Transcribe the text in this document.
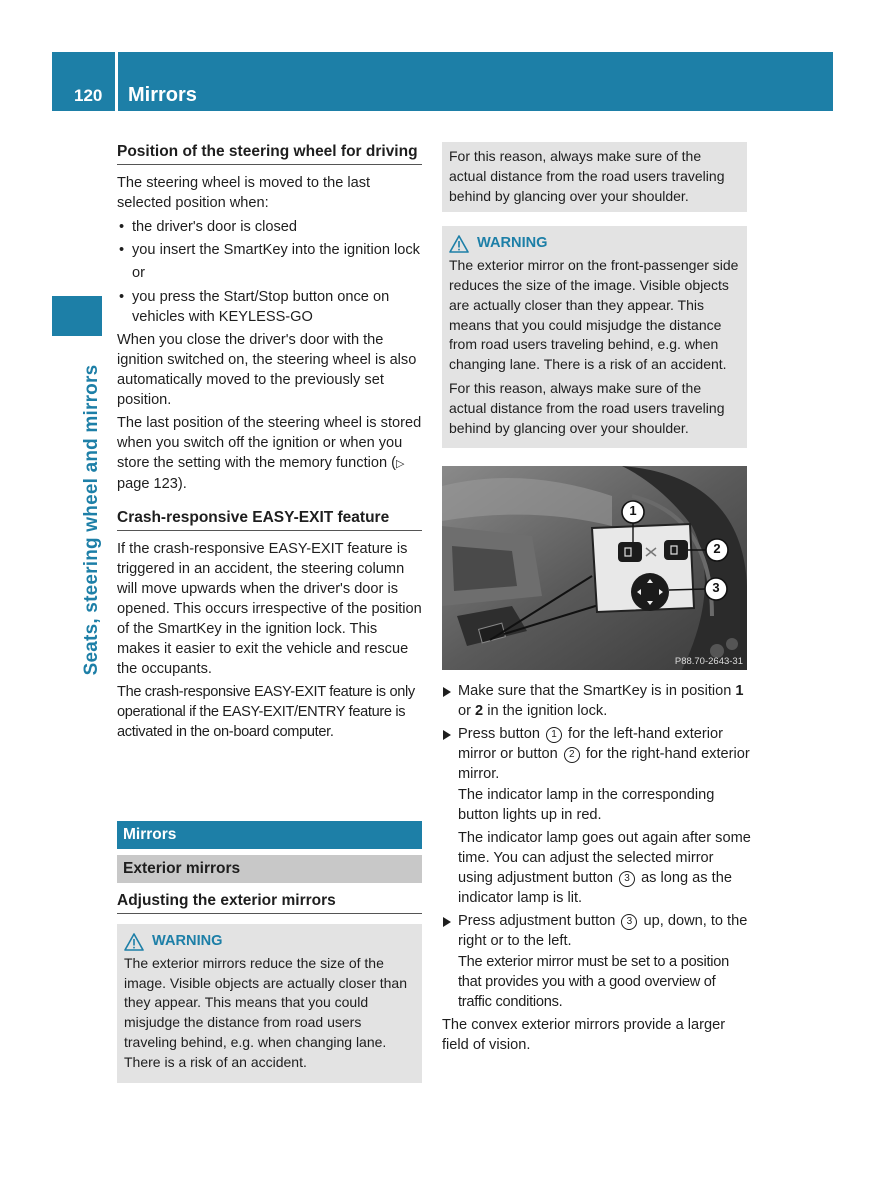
120	Mirrors
Seats, steering wheel and mirrors
Position of the steering wheel for driving

The steering wheel is moved to the last selected position when:

• the driver's door is closed
• you insert the SmartKey into the ignition lock
or
• you press the Start/Stop button once on vehicles with KEYLESS-GO

When you close the driver's door with the ignition switched on, the steering wheel is also automatically moved to the previously set position.

The last position of the steering wheel is stored when you switch off the ignition or when you store the setting with the memory function (▷ page 123).

Crash-responsive EASY-EXIT feature

If the crash-responsive EASY-EXIT feature is triggered in an accident, the steering column will move upwards when the driver's door is opened. This occurs irrespective of the position of the SmartKey in the ignition lock. This makes it easier to exit the vehicle and rescue the occupants.

The crash-responsive EASY-EXIT feature is only operational if the EASY-EXIT/ENTRY feature is activated in the on-board computer.

Mirrors
Exterior mirrors
Adjusting the exterior mirrors
WARNING

The exterior mirrors reduce the size of the image. Visible objects are actually closer than they appear. This means that you could misjudge the distance from road users traveling behind, e.g. when changing lane. There is a risk of an accident.

For this reason, always make sure of the actual distance from the road users traveling behind by glancing over your shoulder.

WARNING

The exterior mirror on the front-passenger side reduces the size of the image. Visible objects are actually closer than they appear. This means that you could misjudge the distance from road users traveling behind, e.g. when changing lane. There is a risk of an accident.

For this reason, always make sure of the actual distance from the road users traveling behind by glancing over your shoulder.

1
2
3
P88.70-2643-31
Make sure that the SmartKey is in position 1 or 2 in the ignition lock.
Press button 1 for the left-hand exterior mirror or button 2 for the right-hand exterior mirror.
The indicator lamp in the corresponding button lights up in red.
The indicator lamp goes out again after some time. You can adjust the selected mirror using adjustment button 3 as long as the indicator lamp is lit.
Press adjustment button 3 up, down, to the right or to the left.
The exterior mirror must be set to a position that provides you with a good overview of traffic conditions.

The convex exterior mirrors provide a larger field of vision.
